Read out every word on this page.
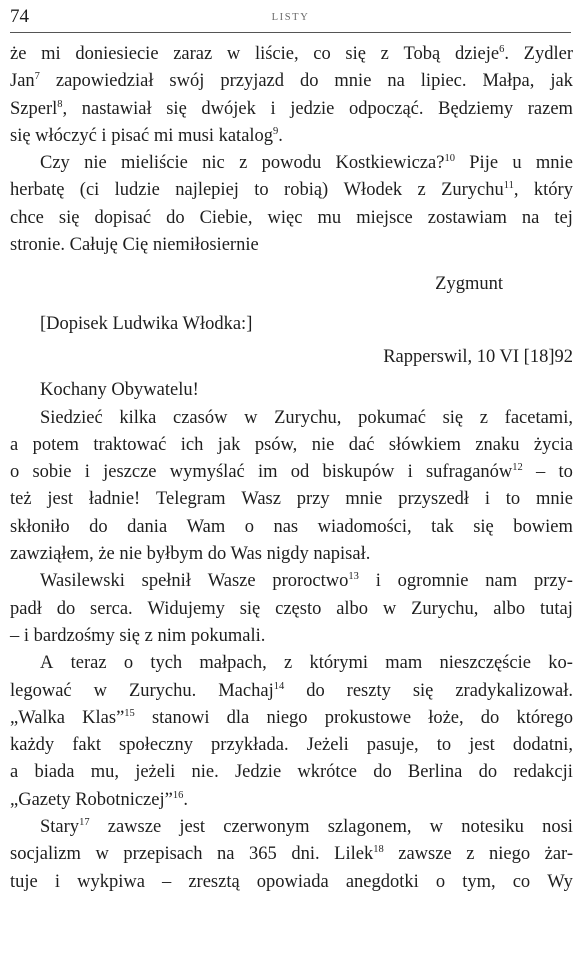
74	LISTY
że mi doniesiecie zaraz w liście, co się z Tobą dzieje$^6$. Zydler
Jan$^7$ zapowiedział swój przyjazd do mnie na lipiec. Małpa, jak
Szperl$^8$, nastawiał się dwójek i jedzie odpocząć. Będziemy razem
się włóczyć i pisać mi musi katalog$^9$.
Czy nie mieliście nic z powodu Kostkiewicza?$^{10}$ Pije u mnie
herbatę (ci ludzie najlepiej to robią) Włodek z Zurychu$^{11}$, który
chce się dopisać do Ciebie, więc mu miejsce zostawiam na tej
stronie. Całuję Cię niemiłosiernie
Zygmunt
[Dopisek Ludwika Włodka:]
Rapperswil, 10 VI [18]92
Kochany Obywatelu!
Siedzieć kilka czasów w Zurychu, pokumać się z facetami,
a potem traktować ich jak psów, nie dać słówkiem znaku życia
o sobie i jeszcze wymyślać im od biskupów i sufraganów$^{12}$ – to
też jest ładnie! Telegram Wasz przy mnie przyszedł i to mnie
skłoniło do dania Wam o nas wiadomości, tak się bowiem
zawziąłem, że nie byłbym do Was nigdy napisał.
Wasilewski spełnił Wasze proroctwo$^{13}$ i ogromnie nam przy-
padł do serca. Widujemy się często albo w Zurychu, albo tutaj
– i bardzośmy się z nim pokumali.
A teraz o tych małpach, z którymi mam nieszczęście ko-
legować w Zurychu. Machaj$^{14}$ do reszty się zradykalizował.
„Walka Klas”$^{15}$ stanowi dla niego prokustowe łoże, do którego
każdy fakt społeczny przykłada. Jeżeli pasuje, to jest dodatni,
a biada mu, jeżeli nie. Jedzie wkrótce do Berlina do redakcji
„Gazety Robotniczej”$^{16}$.
Stary$^{17}$ zawsze jest czerwonym szlagonem, w notesiku nosi
socjalizm w przepisach na 365 dni. Lilek$^{18}$ zawsze z niego żar-
tuje i wykpiwa – zresztą opowiada anegdotki o tym, co Wy
